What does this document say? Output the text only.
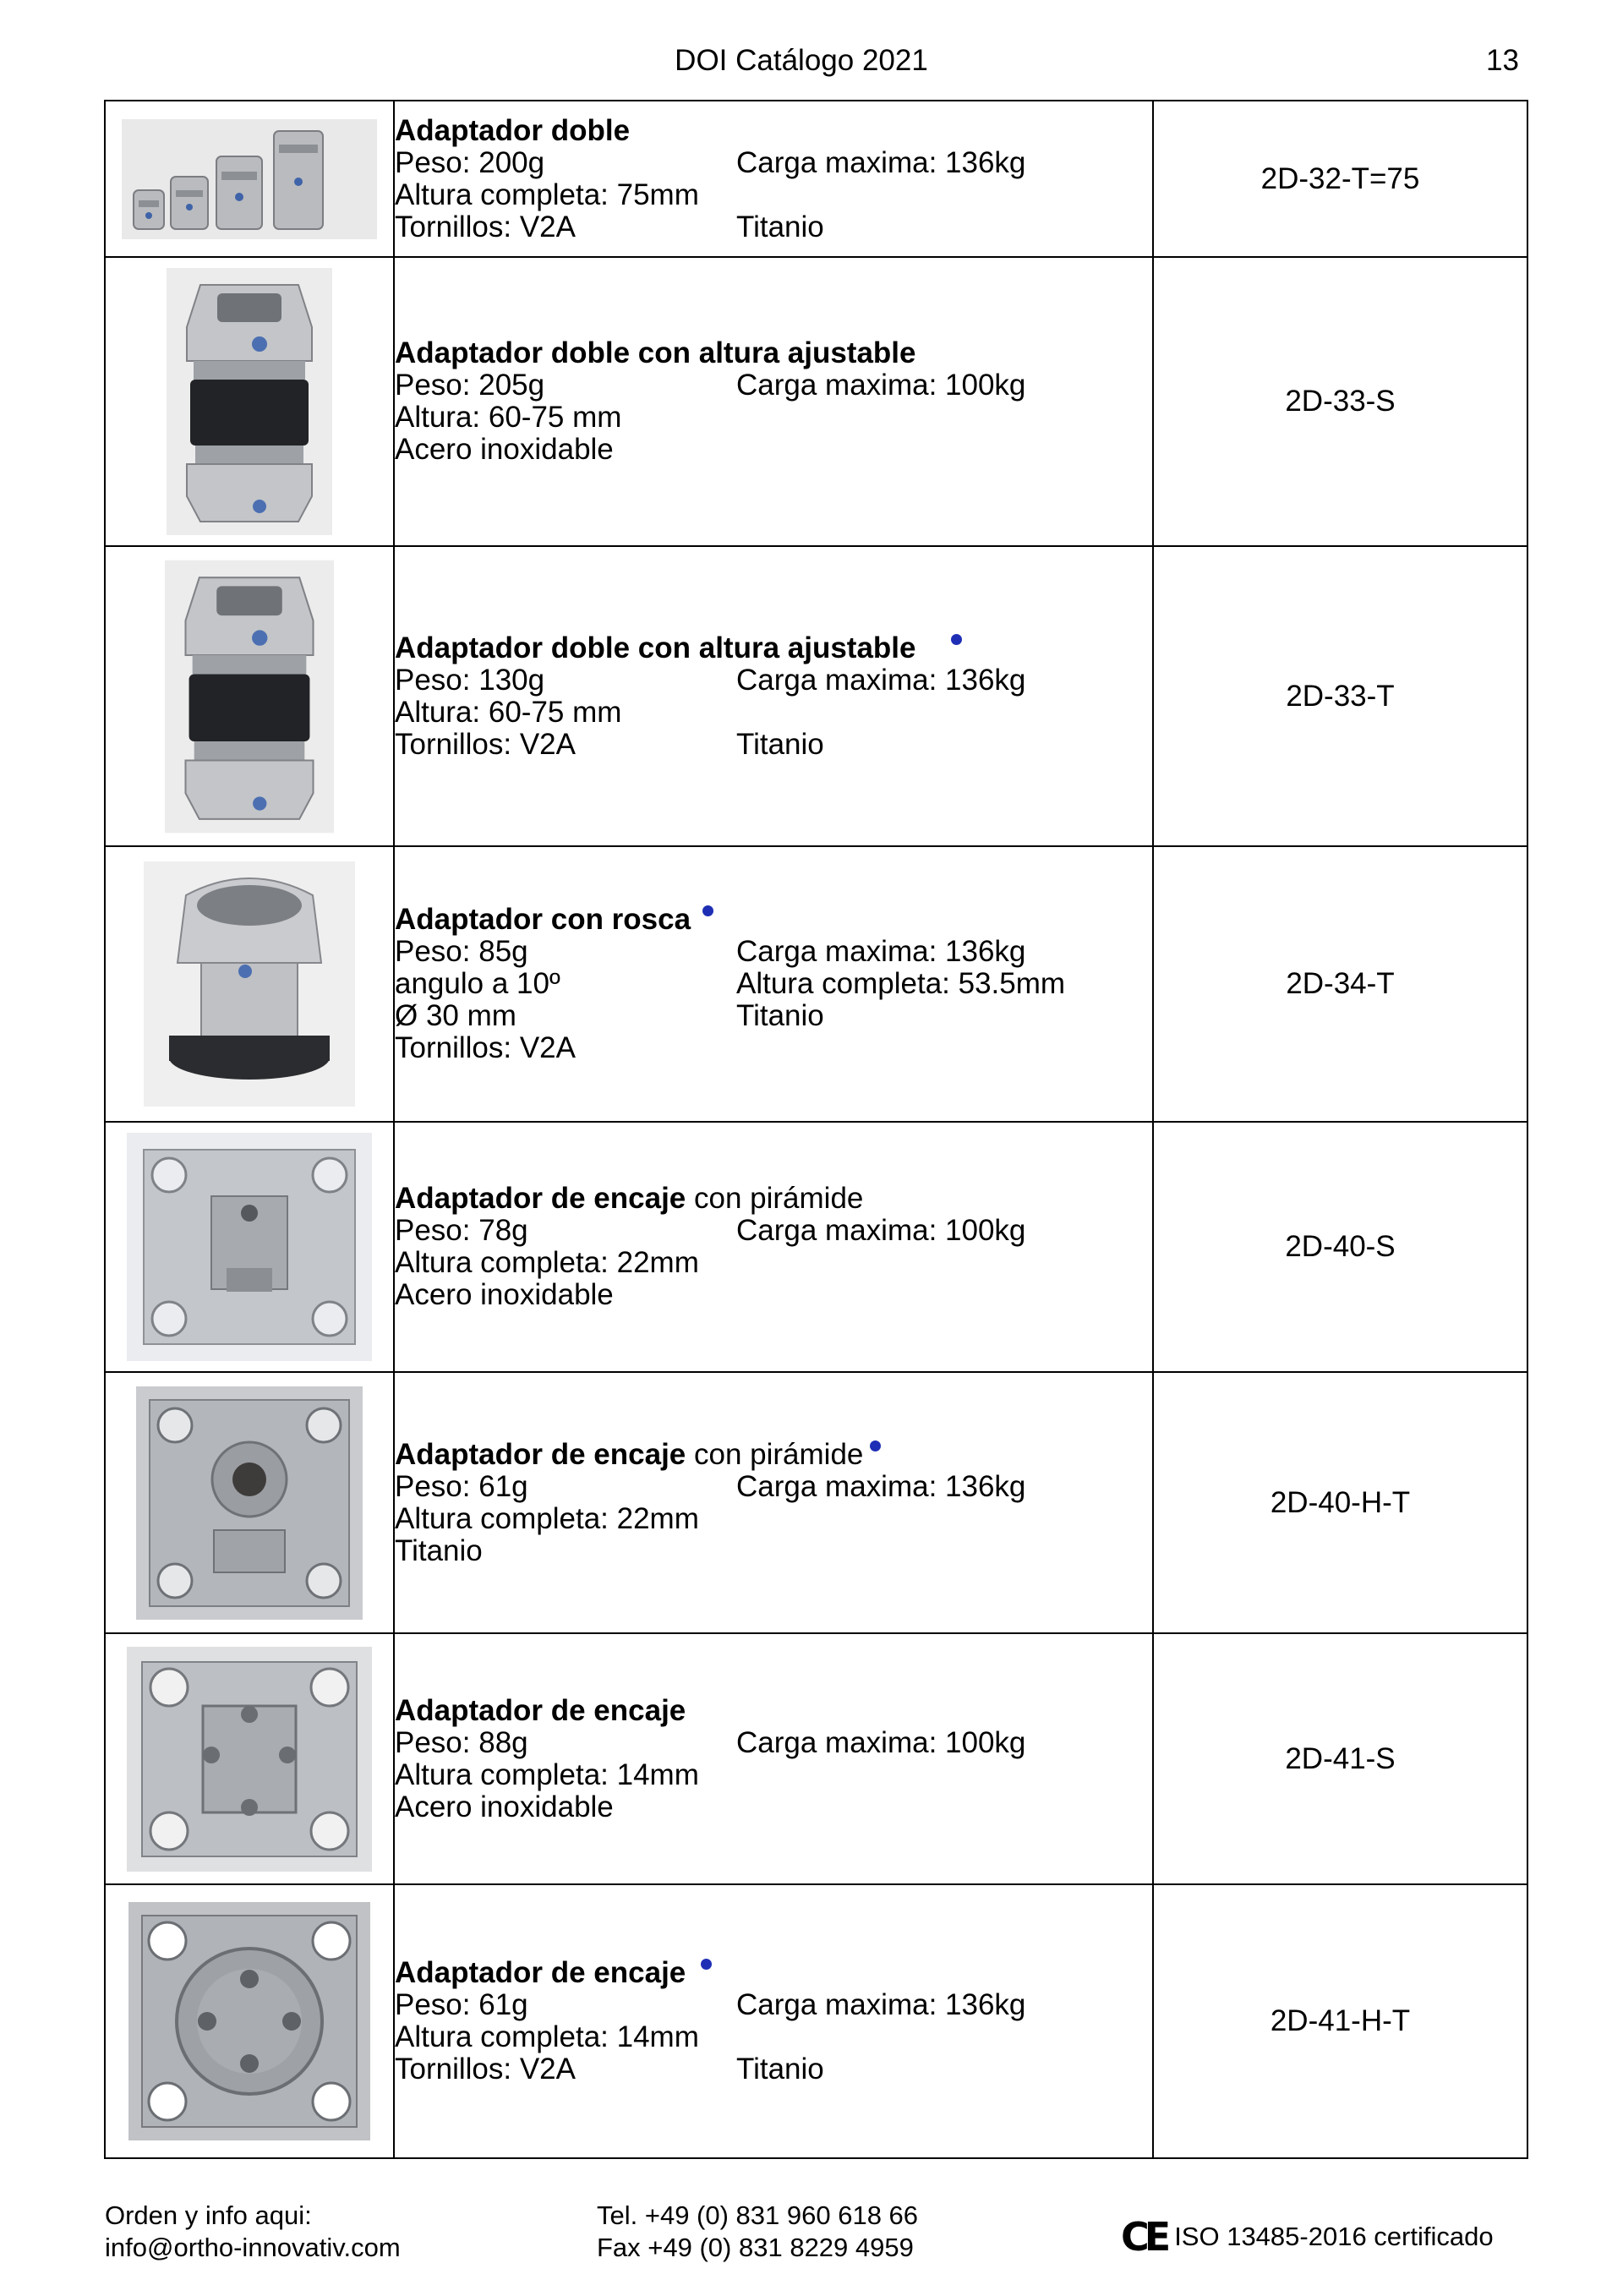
DOI Catálogo 2021	13

Adaptador doble
Peso: 200g Carga maxima: 136kg
Altura completa: 75mm
Tornillos: V2A Titanio	2D-32-T=75

Adaptador doble con altura ajustable
Peso: 205g Carga maxima: 100kg
Altura: 60-75 mm
Acero inoxidable	2D-33-S

Adaptador doble con altura ajustable
Peso: 130g Carga maxima: 136kg
Altura: 60-75 mm
Tornillos: V2A Titanio	2D-33-T

Adaptador con rosca
Peso: 85g Carga maxima: 136kg
angulo a 10º Altura completa: 53.5mm
Ø 30 mm Titanio
Tornillos: V2A	2D-34-T

Adaptador de encaje con pirámide
Peso: 78g Carga maxima: 100kg
Altura completa: 22mm
Acero inoxidable	2D-40-S

Adaptador de encaje con pirámide
Peso: 61g Carga maxima: 136kg
Altura completa: 22mm
Titanio	2D-40-H-T

Adaptador de encaje
Peso: 88g Carga maxima: 100kg
Altura completa: 14mm
Acero inoxidable	2D-41-S

Adaptador de encaje
Peso: 61g Carga maxima: 136kg
Altura completa: 14mm
Tornillos: V2A Titanio	2D-41-H-T
Orden y info aqui:
info@ortho-innovativ.com
Tel. +49 (0) 831 960 618 66
Fax +49 (0) 831 8229 4959	CE ISO 13485-2016 certificado
